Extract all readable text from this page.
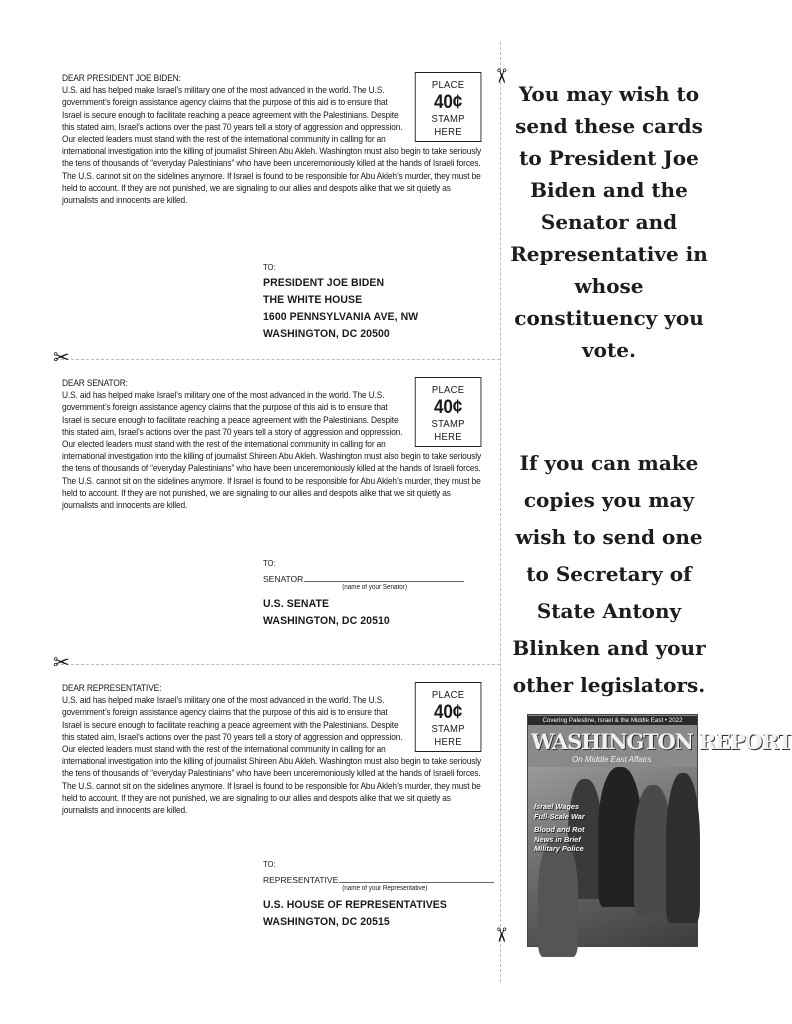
✂
✂
✂
✂
PLACE
40¢
STAMP
HERE
DEAR PRESIDENT JOE BIDEN:
U.S. aid has helped make Israel’s military one of the most advanced in the world. The U.S. government’s foreign assistance agency claims that the purpose of this aid is to ensure that Israel is secure enough to facilitate reaching a peace agreement with the Palestinians. Despite this stated aim, Israel’s actions over the past 70 years tell a story of aggression and oppression. Our elected leaders must stand with the rest of the international community in calling for an international investigation into the killing of journalist Shireen Abu Akleh. Washington must also begin to take seriously the tens of thousands of “everyday Palestinians” who have been unceremoniously killed at the hands of Israeli forces. The U.S. cannot sit on the sidelines anymore. If Israel is found to be responsible for Abu Akleh’s murder, they must be held to account. If they are not punished, we are signaling to our allies and despots alike that we sit quietly as journalists and innocents are killed.
TO:
PRESIDENT JOE BIDEN
THE WHITE HOUSE
1600 PENNSYLVANIA AVE, NW
WASHINGTON, DC 20500
PLACE
40¢
STAMP
HERE
DEAR SENATOR:
U.S. aid has helped make Israel’s military one of the most advanced in the world. The U.S. government’s foreign assistance agency claims that the purpose of this aid is to ensure that Israel is secure enough to facilitate reaching a peace agreement with the Palestinians. Despite this stated aim, Israel’s actions over the past 70 years tell a story of aggression and oppression. Our elected leaders must stand with the rest of the international community in calling for an international investigation into the killing of journalist Shireen Abu Akleh. Washington must also begin to take seriously the tens of thousands of “everyday Palestinians” who have been unceremoniously killed at the hands of Israeli forces. The U.S. cannot sit on the sidelines anymore. If Israel is found to be responsible for Abu Akleh’s murder, they must be held to account. If they are not punished, we are signaling to our allies and despots alike that we sit quietly as journalists and innocents are killed.
TO:
SENATOR
(name of your Senator)
U.S. SENATE
WASHINGTON, DC 20510
PLACE
40¢
STAMP
HERE
DEAR REPRESENTATIVE:
U.S. aid has helped make Israel’s military one of the most advanced in the world. The U.S. government’s foreign assistance agency claims that the purpose of this aid is to ensure that Israel is secure enough to facilitate reaching a peace agreement with the Palestinians. Despite this stated aim, Israel’s actions over the past 70 years tell a story of aggression and oppression. Our elected leaders must stand with the rest of the international community in calling for an international investigation into the killing of journalist Shireen Abu Akleh. Washington must also begin to take seriously the tens of thousands of “everyday Palestinians” who have been unceremoniously killed at the hands of Israeli forces. The U.S. cannot sit on the sidelines anymore. If Israel is found to be responsible for Abu Akleh’s murder, they must be held to account. If they are not punished, we are signaling to our allies and despots alike that we sit quietly as journalists and innocents are killed.
TO:
REPRESENTATIVE
(name of your Representative)
U.S. HOUSE OF REPRESENTATIVES
WASHINGTON, DC 20515
You may wish to send these cards to President Joe Biden and the Senator and Representative in whose constituency you vote.
If you can make copies you may wish to send one to Secretary of State Antony Blinken and your other legislators.
Covering Palestine, Israel & the Middle East • 2022
WASHINGTON REPORT
On Middle East Affairs
Israel Wages
Full-Scale War
Blood and Rot
News in Brief
Military Police
